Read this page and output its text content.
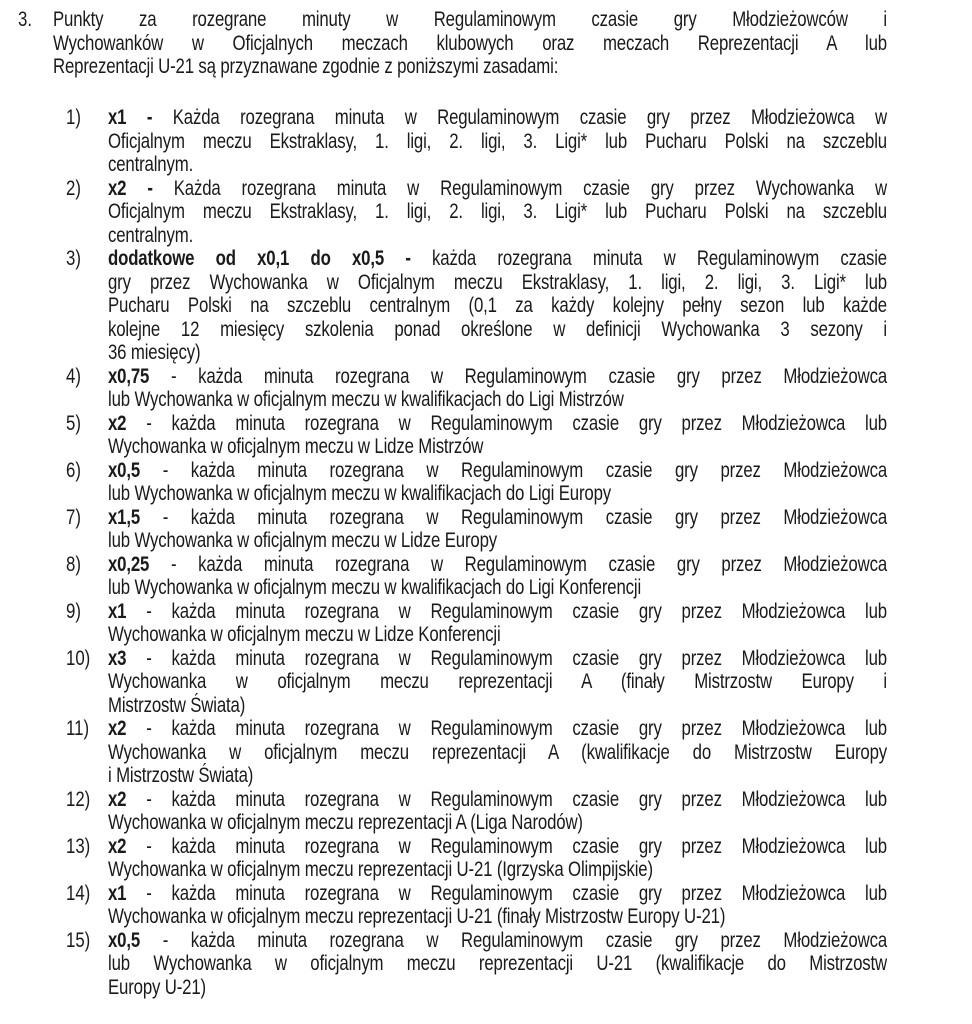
3. Punkty za rozegrane minuty w Regulaminowym czasie gry Młodzieżowców i
Wychowanków w Oficjalnych meczach klubowych oraz meczach Reprezentacji A lub
Reprezentacji U-21 są przyznawane zgodnie z poniższymi zasadami:
1) x1 - Każda rozegrana minuta w Regulaminowym czasie gry przez Młodzieżowca w
Oficjalnym meczu Ekstraklasy, 1. ligi, 2. ligi, 3. Ligi* lub Pucharu Polski na szczeblu
centralnym.
2) x2 - Każda rozegrana minuta w Regulaminowym czasie gry przez Wychowanka w
Oficjalnym meczu Ekstraklasy, 1. ligi, 2. ligi, 3. Ligi* lub Pucharu Polski na szczeblu
centralnym.
3) dodatkowe od x0,1 do x0,5 - każda rozegrana minuta w Regulaminowym czasie
gry przez Wychowanka w Oficjalnym meczu Ekstraklasy, 1. ligi, 2. ligi, 3. Ligi* lub
Pucharu Polski na szczeblu centralnym (0,1 za każdy kolejny pełny sezon lub każde
kolejne 12 miesięcy szkolenia ponad określone w definicji Wychowanka 3 sezony i
36 miesięcy)
4) x0,75 - każda minuta rozegrana w Regulaminowym czasie gry przez Młodzieżowca
lub Wychowanka w oficjalnym meczu w kwalifikacjach do Ligi Mistrzów
5) x2 - każda minuta rozegrana w Regulaminowym czasie gry przez Młodzieżowca lub
Wychowanka w oficjalnym meczu w Lidze Mistrzów
6) x0,5 - każda minuta rozegrana w Regulaminowym czasie gry przez Młodzieżowca
lub Wychowanka w oficjalnym meczu w kwalifikacjach do Ligi Europy
7) x1,5 - każda minuta rozegrana w Regulaminowym czasie gry przez Młodzieżowca
lub Wychowanka w oficjalnym meczu w Lidze Europy
8) x0,25 - każda minuta rozegrana w Regulaminowym czasie gry przez Młodzieżowca
lub Wychowanka w oficjalnym meczu w kwalifikacjach do Ligi Konferencji
9) x1 - każda minuta rozegrana w Regulaminowym czasie gry przez Młodzieżowca lub
Wychowanka w oficjalnym meczu w Lidze Konferencji
10) x3 - każda minuta rozegrana w Regulaminowym czasie gry przez Młodzieżowca lub
Wychowanka w oficjalnym meczu reprezentacji A (finały Mistrzostw Europy i
Mistrzostw Świata)
11) x2 - każda minuta rozegrana w Regulaminowym czasie gry przez Młodzieżowca lub
Wychowanka w oficjalnym meczu reprezentacji A (kwalifikacje do Mistrzostw Europy
i Mistrzostw Świata)
12) x2 - każda minuta rozegrana w Regulaminowym czasie gry przez Młodzieżowca lub
Wychowanka w oficjalnym meczu reprezentacji A (Liga Narodów)
13) x2 - każda minuta rozegrana w Regulaminowym czasie gry przez Młodzieżowca lub
Wychowanka w oficjalnym meczu reprezentacji U-21 (Igrzyska Olimpijskie)
14) x1 - każda minuta rozegrana w Regulaminowym czasie gry przez Młodzieżowca lub
Wychowanka w oficjalnym meczu reprezentacji U-21 (finały Mistrzostw Europy U-21)
15) x0,5 - każda minuta rozegrana w Regulaminowym czasie gry przez Młodzieżowca
lub Wychowanka w oficjalnym meczu reprezentacji U-21 (kwalifikacje do Mistrzostw
Europy U-21)
